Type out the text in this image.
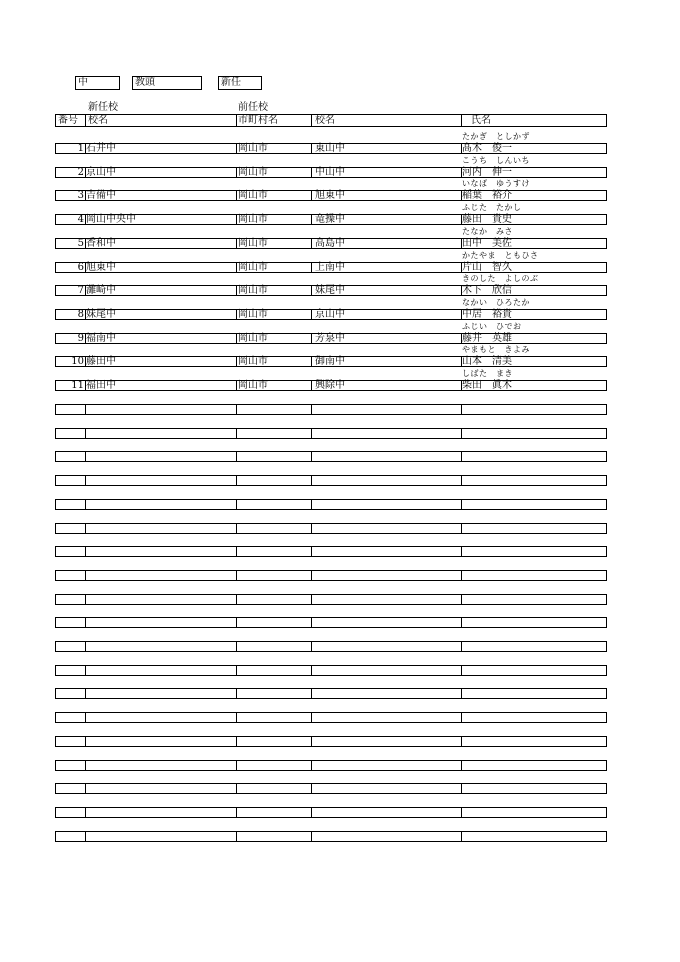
中	教頭	新任
新任校	前任校
番号 校名	市町村名	校名	氏名
たかぎ　としかず
1 石井中	岡山市	東山中	髙木　俊一
こうち　しんいち
2 京山中	岡山市	中山中	河内　伸一
いなば　ゆうすけ
3 吉備中	岡山市	旭東中	稲葉　裕介
ふじた　たかし
4 岡山中央中	岡山市	竜操中	藤田　貴史
たなか　みさ
5 香和中	岡山市	高島中	田中　美佐
かたやま　ともひさ
6 旭東中	岡山市	上南中	片山　智久
きのした　よしのぶ
7 灘崎中	岡山市	妹尾中	木下　欣信
なかい　ひろたか
8 妹尾中	岡山市	京山中	中居　裕貴
ふじい　ひでお
9 福南中	岡山市	芳泉中	藤井　英雄
やまもと　きよみ
10 藤田中	岡山市	御南中	山本　清美
しばた　まき
11 福田中	岡山市	興除中	柴田　眞木
